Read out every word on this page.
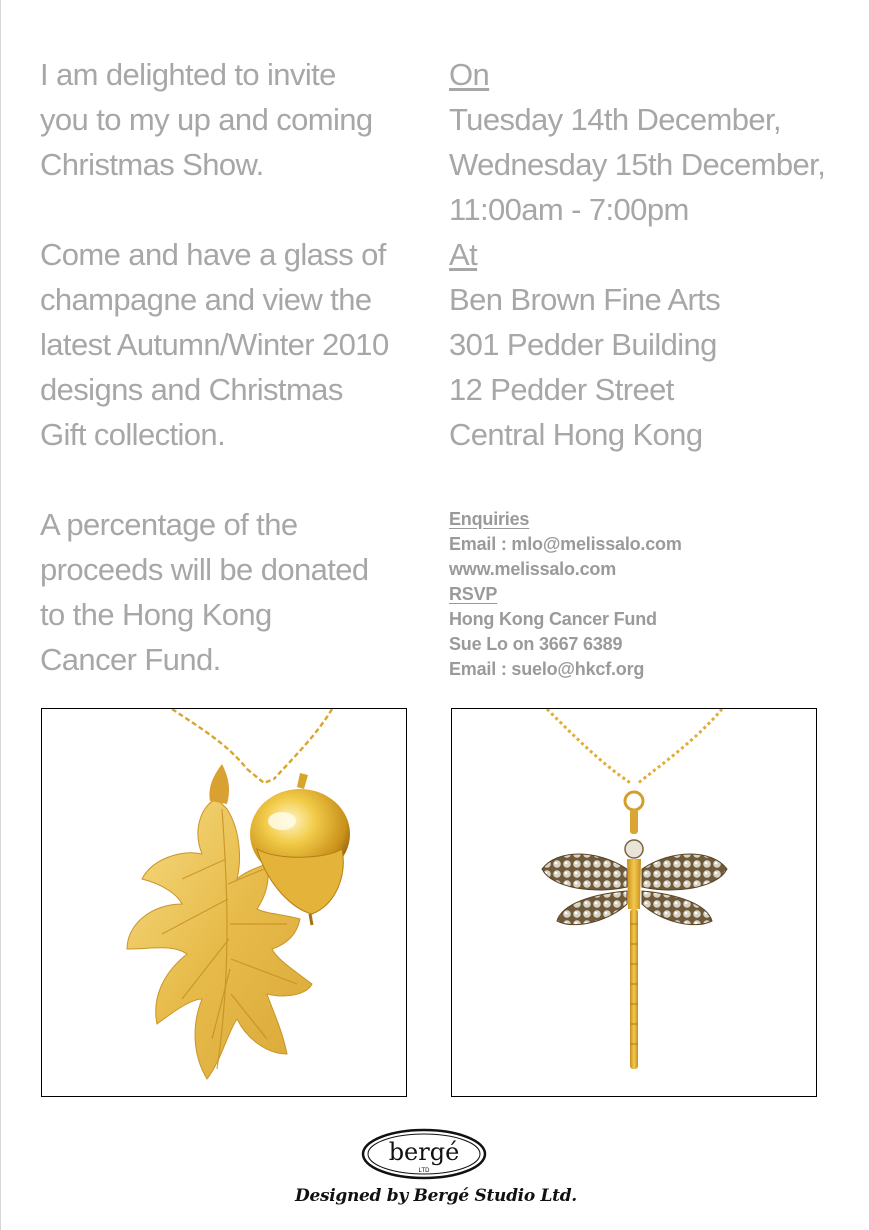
I am delighted to invite
you to my up and coming
Christmas Show.
Come and have a glass of
champagne and view the
latest Autumn/Winter 2010
designs and Christmas
Gift collection.
A percentage of the
proceeds will be donated
to the Hong Kong
Cancer Fund.
On
Tuesday 14th December,
Wednesday 15th December,
11:00am - 7:00pm
At
Ben Brown Fine Arts
301 Pedder Building
12 Pedder Street
Central Hong Kong
Enquiries
Email : mlo@melissalo.com
www.melissalo.com
RSVP
Hong Kong Cancer Fund
Sue Lo on 3667 6389
Email : suelo@hkcf.org
bergé
LTD
Designed by Bergé Studio Ltd.
